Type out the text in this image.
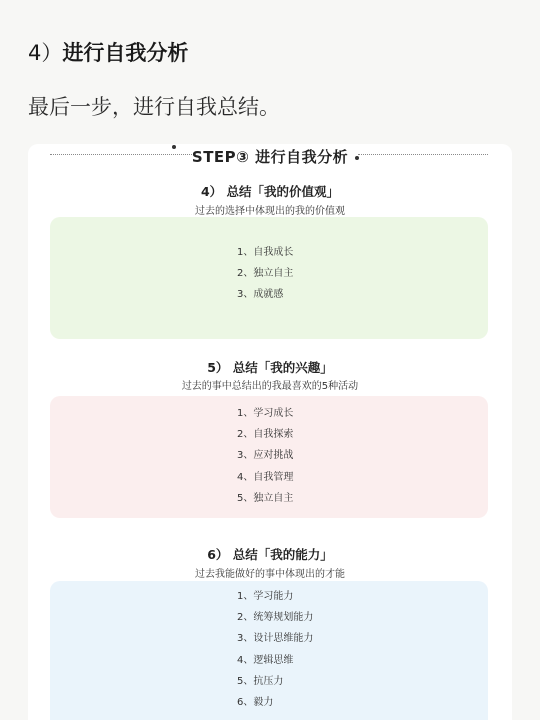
4）进行自我分析
最后一步，进行自我总结。
STEP③ 进行自我分析
4） 总结「我的价值观」
过去的选择中体现出的我的价值观
1、自我成长
2、独立自主
3、成就感
5） 总结「我的兴趣」
过去的事中总结出的我最喜欢的5种活动
1、学习成长
2、自我探索
3、应对挑战
4、自我管理
5、独立自主
6） 总结「我的能力」
过去我能做好的事中体现出的才能
1、学习能力
2、统筹规划能力
3、设计思维能力
4、逻辑思维
5、抗压力
6、毅力
